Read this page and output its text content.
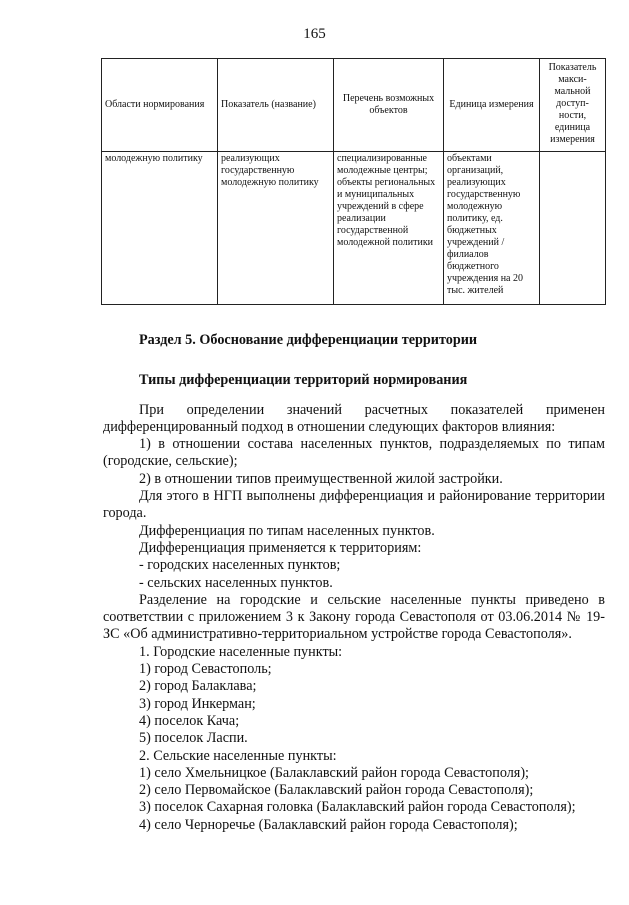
165
Области нормирования	Показатель (название)	Перечень возможных объектов	Единица измерения	Показатель макси-мальной доступ-ности, единица измерения
молодежную политику	реализующих государственную молодежную политику	специализированные молодежные центры; объекты региональных и муниципальных учреждений в сфере реализации государственной молодежной политики	объектами организаций, реализующих государственную молодежную политику, ед. бюджетных учреждений / филиалов бюджетного учреждения на 20 тыс. жителей	

Раздел 5. Обоснование дифференциации территории

Типы дифференциации территорий нормирования

При определении значений расчетных показателей применен дифференцированный подход в отношении следующих факторов влияния:

1) в отношении состава населенных пунктов, подразделяемых по типам (городские, сельские);

2) в отношении типов преимущественной жилой застройки.

Для этого в НГП выполнены дифференциация и районирование территории города.

Дифференциация по типам населенных пунктов.

Дифференциация применяется к территориям:

- городских населенных пунктов;

- сельских населенных пунктов.

Разделение на городские и сельские населенные пункты приведено в соответствии с приложением 3 к Закону города Севастополя от 03.06.2014 № 19-ЗС «Об административно-территориальном устройстве города Севастополя».

1. Городские населенные пункты:

1) город Севастополь;

2) город Балаклава;

3) город Инкерман;

4) поселок Кача;

5) поселок Ласпи.

2. Сельские населенные пункты:

1) село Хмельницкое (Балаклавский район города Севастополя);

2) село Первомайское (Балаклавский район города Севастополя);

3) поселок Сахарная головка (Балаклавский район города Севастополя);

4) село Черноречье (Балаклавский район города Севастополя);
